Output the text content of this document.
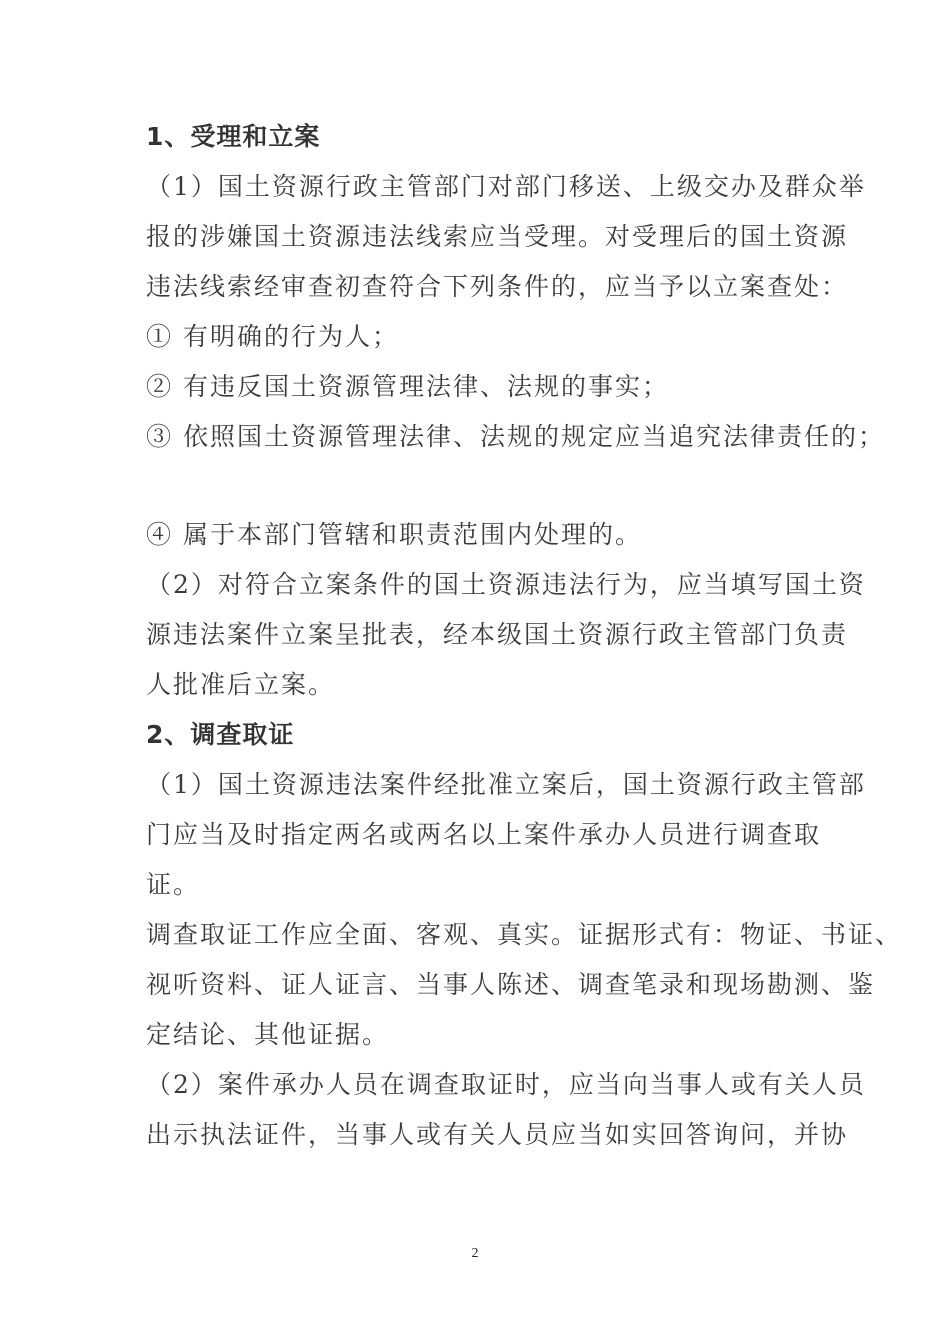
1、受理和立案
（1）国土资源行政主管部门对部门移送、上级交办及群众举
报的涉嫌国土资源违法线索应当受理。对受理后的国土资源
违法线索经审查初查符合下列条件的，应当予以立案查处：
① 有明确的行为人；
② 有违反国土资源管理法律、法规的事实；
③ 依照国土资源管理法律、法规的规定应当追究法律责任的；
④ 属于本部门管辖和职责范围内处理的。
（2）对符合立案条件的国土资源违法行为，应当填写国土资
源违法案件立案呈批表，经本级国土资源行政主管部门负责
人批准后立案。
2、调查取证
（1）国土资源违法案件经批准立案后，国土资源行政主管部
门应当及时指定两名或两名以上案件承办人员进行调查取
证。
调查取证工作应全面、客观、真实。证据形式有：物证、书证、
视听资料、证人证言、当事人陈述、调查笔录和现场勘测、鉴
定结论、其他证据。
（2）案件承办人员在调查取证时，应当向当事人或有关人员
出示执法证件，当事人或有关人员应当如实回答询问，并协
2
